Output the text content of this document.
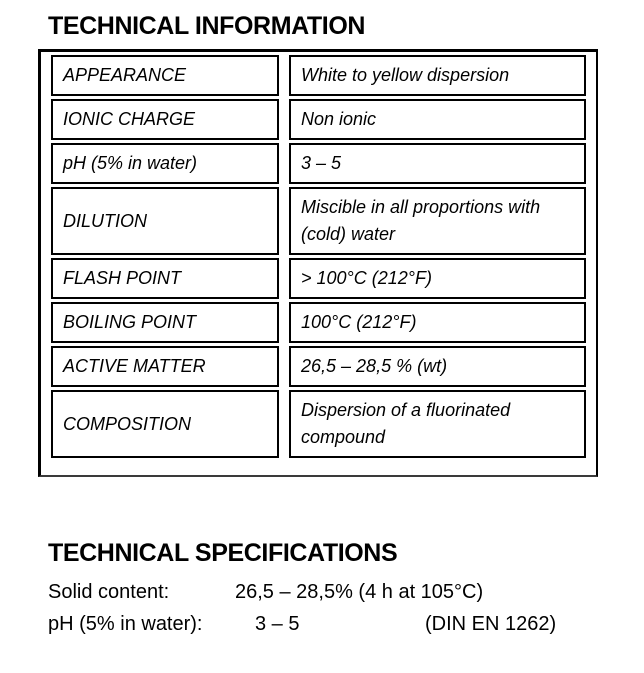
TECHNICAL INFORMATION
APPEARANCE	White to yellow dispersion
IONIC CHARGE	Non ionic
pH (5% in water)	3 – 5
DILUTION	Miscible in all proportions with (cold) water
FLASH POINT	> 100°C (212°F)
BOILING POINT	100°C (212°F)
ACTIVE MATTER	26,5 – 28,5 % (wt)
COMPOSITION	Dispersion of a fluorinated compound
TECHNICAL SPECIFICATIONS
Solid content:	26,5 – 28,5% (4 h at 105°C)
pH (5% in water):	3 – 5	(DIN EN 1262)
